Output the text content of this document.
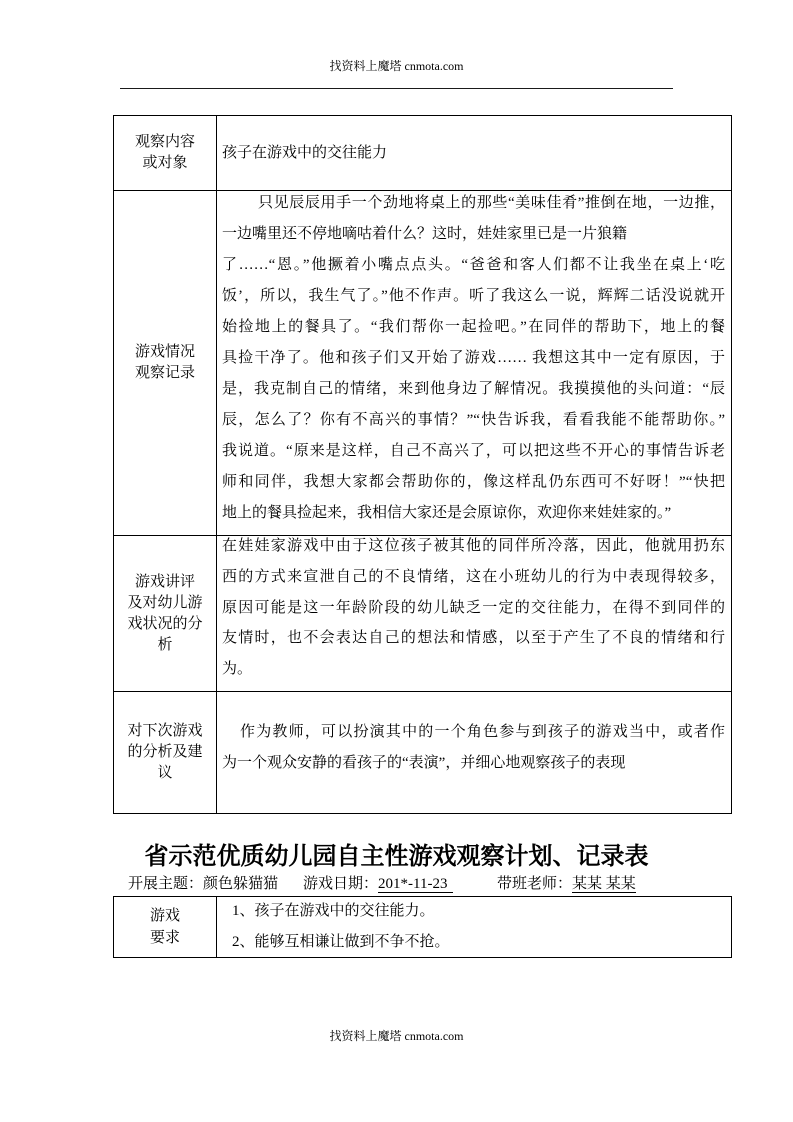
找资料上魔塔 cnmota.com
观察内容
或对象
孩子在游戏中的交往能力
游戏情况
观察记录
只见辰辰用手一个劲地将桌上的那些“美味佳肴”推倒在地，一边推，
一边嘴里还不停地嘀咕着什么？这时，娃娃家里已是一片狼籍
了……“恩。”他撅着小嘴点点头。“爸爸和客人们都不让我坐在桌上‘吃
饭’，所以，我生气了。”他不作声。听了我这么一说，辉辉二话没说就开
始捡地上的餐具了。“我们帮你一起捡吧。”在同伴的帮助下，地上的餐
具捡干净了。他和孩子们又开始了游戏…… 我想这其中一定有原因，于
是，我克制自己的情绪，来到他身边了解情况。我摸摸他的头问道：“辰
辰，怎么了？你有不高兴的事情？”“快告诉我，看看我能不能帮助你。”
我说道。“原来是这样，自己不高兴了，可以把这些不开心的事情告诉老
师和同伴，我想大家都会帮助你的，像这样乱仍东西可不好呀！”“快把
地上的餐具捡起来，我相信大家还是会原谅你，欢迎你来娃娃家的。”
游戏讲评
及对幼儿游
戏状况的分
析
在娃娃家游戏中由于这位孩子被其他的同伴所冷落，因此，他就用扔东
西的方式来宣泄自己的不良情绪，这在小班幼儿的行为中表现得较多，
原因可能是这一年龄阶段的幼儿缺乏一定的交往能力，在得不到同伴的
友情时，也不会表达自己的想法和情感，以至于产生了不良的情绪和行
为。
对下次游戏
的分析及建
议
作为教师，可以扮演其中的一个角色参与到孩子的游戏当中，或者作
为一个观众安静的看孩子的“表演”，并细心地观察孩子的表现
省示范优质幼儿园自主性游戏观察计划、记录表
开展主题：颜色躲猫猫 游戏日期：201*-11-23	带班老师：某某 某某
游戏
要求
1、孩子在游戏中的交往能力。
2、能够互相谦让做到不争不抢。
找资料上魔塔 cnmota.com
